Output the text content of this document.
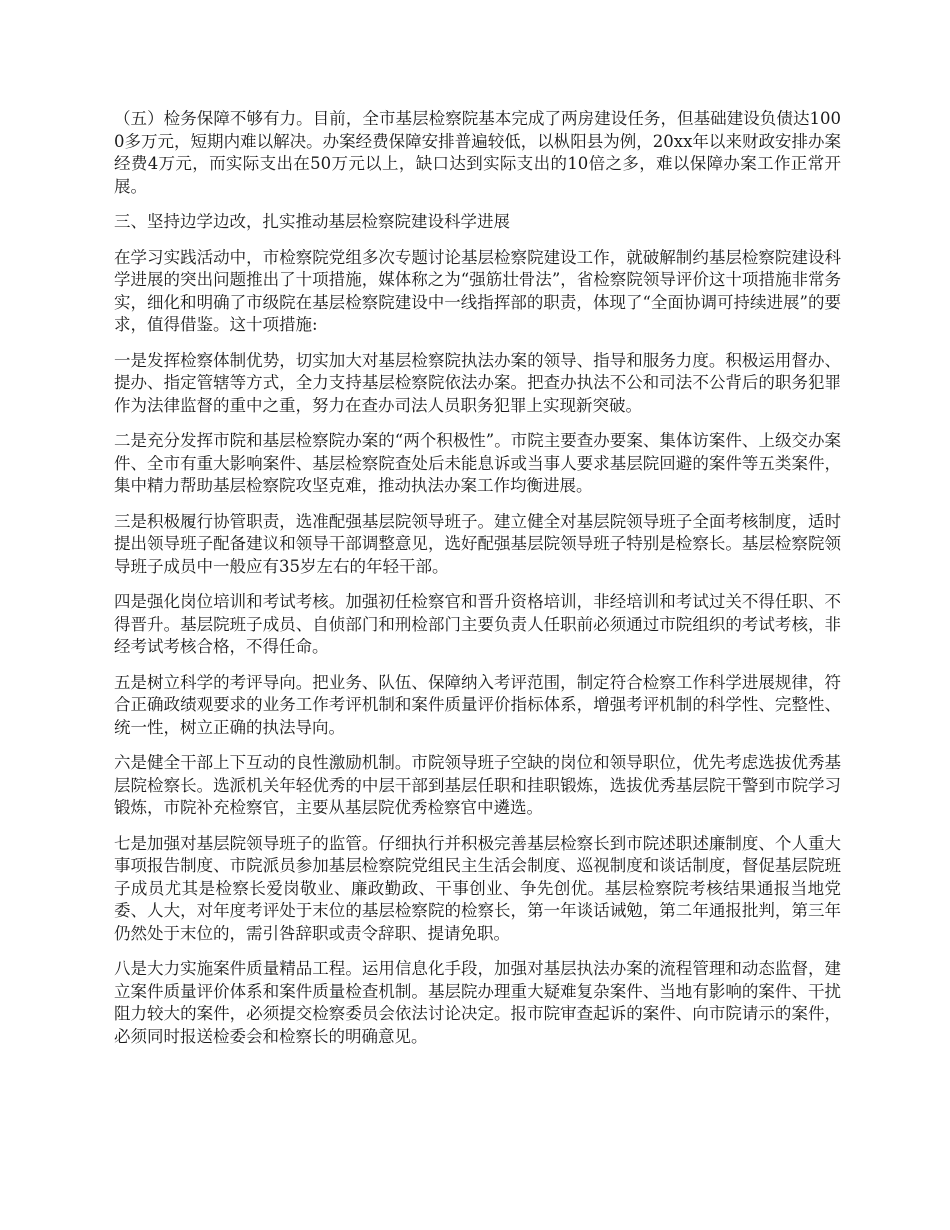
（五）检务保障不够有力。目前，全市基层检察院基本完成了两房建设任务，但基础建设负债达1000多万元，短期内难以解决。办案经费保障安排普遍较低，以枞阳县为例，20xx年以来财政安排办案经费4万元，而实际支出在50万元以上，缺口达到实际支出的10倍之多，难以保障办案工作正常开展。

三、坚持边学边改，扎实推动基层检察院建设科学进展

在学习实践活动中，市检察院党组多次专题讨论基层检察院建设工作，就破解制约基层检察院建设科学进展的突出问题推出了十项措施，媒体称之为“强筋壮骨法”，省检察院领导评价这十项措施非常务实，细化和明确了市级院在基层检察院建设中一线指挥部的职责，体现了“全面协调可持续进展”的要求，值得借鉴。这十项措施:

一是发挥检察体制优势，切实加大对基层检察院执法办案的领导、指导和服务力度。积极运用督办、提办、指定管辖等方式，全力支持基层检察院依法办案。把查办执法不公和司法不公背后的职务犯罪作为法律监督的重中之重，努力在查办司法人员职务犯罪上实现新突破。

二是充分发挥市院和基层检察院办案的“两个积极性”。市院主要查办要案、集体访案件、上级交办案件、全市有重大影响案件、基层检察院查处后未能息诉或当事人要求基层院回避的案件等五类案件，集中精力帮助基层检察院攻坚克难，推动执法办案工作均衡进展。

三是积极履行协管职责，选准配强基层院领导班子。建立健全对基层院领导班子全面考核制度，适时提出领导班子配备建议和领导干部调整意见，选好配强基层院领导班子特别是检察长。基层检察院领导班子成员中一般应有35岁左右的年轻干部。

四是强化岗位培训和考试考核。加强初任检察官和晋升资格培训，非经培训和考试过关不得任职、不得晋升。基层院班子成员、自侦部门和刑检部门主要负责人任职前必须通过市院组织的考试考核，非经考试考核合格，不得任命。

五是树立科学的考评导向。把业务、队伍、保障纳入考评范围，制定符合检察工作科学进展规律，符合正确政绩观要求的业务工作考评机制和案件质量评价指标体系，增强考评机制的科学性、完整性、统一性，树立正确的执法导向。

六是健全干部上下互动的良性激励机制。市院领导班子空缺的岗位和领导职位，优先考虑选拔优秀基层院检察长。选派机关年轻优秀的中层干部到基层任职和挂职锻炼，选拔优秀基层院干警到市院学习锻炼，市院补充检察官，主要从基层院优秀检察官中遴选。

七是加强对基层院领导班子的监管。仔细执行并积极完善基层检察长到市院述职述廉制度、个人重大事项报告制度、市院派员参加基层检察院党组民主生活会制度、巡视制度和谈话制度，督促基层院班子成员尤其是检察长爱岗敬业、廉政勤政、干事创业、争先创优。基层检察院考核结果通报当地党委、人大，对年度考评处于末位的基层检察院的检察长，第一年谈话诫勉，第二年通报批判，第三年仍然处于末位的，需引咎辞职或责令辞职、提请免职。

八是大力实施案件质量精品工程。运用信息化手段，加强对基层执法办案的流程管理和动态监督，建立案件质量评价体系和案件质量检查机制。基层院办理重大疑难复杂案件、当地有影响的案件、干扰阻力较大的案件，必须提交检察委员会依法讨论决定。报市院审查起诉的案件、向市院请示的案件，必须同时报送检委会和检察长的明确意见。
